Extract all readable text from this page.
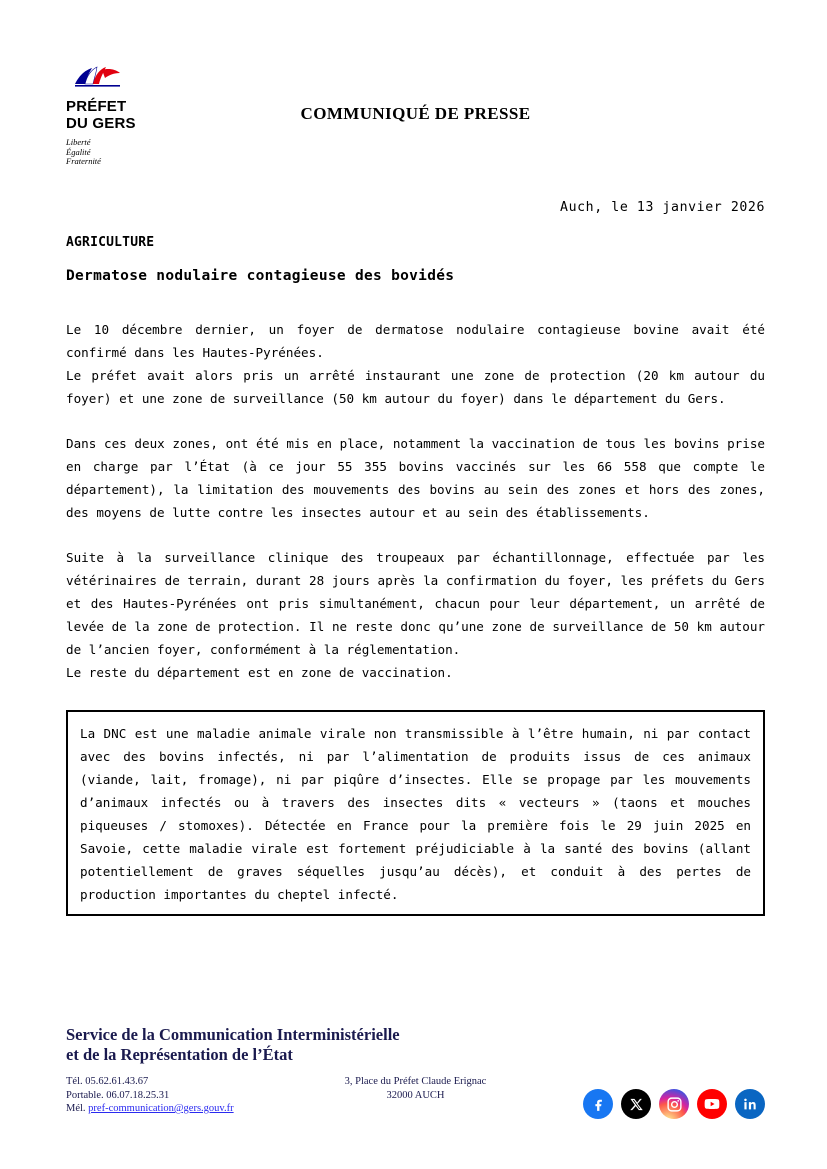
PRÉFET
DU GERS
Liberté
Égalité
Fraternité
COMMUNIQUÉ DE PRESSE
Auch, le 13 janvier 2026
AGRICULTURE
Dermatose nodulaire contagieuse des bovidés

Le 10 décembre dernier, un foyer de dermatose nodulaire contagieuse bovine avait été confirmé dans les Hautes-Pyrénées.

Le préfet avait alors pris un arrêté instaurant une zone de protection (20 km autour du foyer) et une zone de surveillance (50 km autour du foyer) dans le département du Gers.

Dans ces deux zones, ont été mis en place, notamment la vaccination de tous les bovins prise en charge par l’État (à ce jour 55 355 bovins vaccinés sur les 66 558 que compte le département), la limitation des mouvements des bovins au sein des zones et hors des zones, des moyens de lutte contre les insectes autour et au sein des établissements.

Suite à la surveillance clinique des troupeaux par échantillonnage, effectuée par les vétérinaires de terrain, durant 28 jours après la confirmation du foyer, les préfets du Gers et des Hautes-Pyrénées ont pris simultanément, chacun pour leur département, un arrêté de levée de la zone de protection. Il ne reste donc qu’une zone de surveillance de 50 km autour de l’ancien foyer, conformément à la réglementation.

Le reste du département est en zone de vaccination.

La DNC est une maladie animale virale non transmissible à l’être humain, ni par contact avec des bovins infectés, ni par l’alimentation de produits issus de ces animaux (viande, lait, fromage), ni par piqûre d’insectes. Elle se propage par les mouvements d’animaux infectés ou à travers des insectes dits « vecteurs » (taons et mouches piqueuses / stomoxes). Détectée en France pour la première fois le 29 juin 2025 en Savoie, cette maladie virale est fortement préjudiciable à la santé des bovins (allant potentiellement de graves séquelles jusqu’au décès), et conduit à des pertes de production importantes du cheptel infecté.

Service de la Communication Interministérielle
et de la Représentation de l’État
Tél. 05.62.61.43.67
Portable. 06.07.18.25.31
Mél. pref-communication@gers.gouv.fr
3, Place du Préfet Claude Erignac
32000 AUCH
